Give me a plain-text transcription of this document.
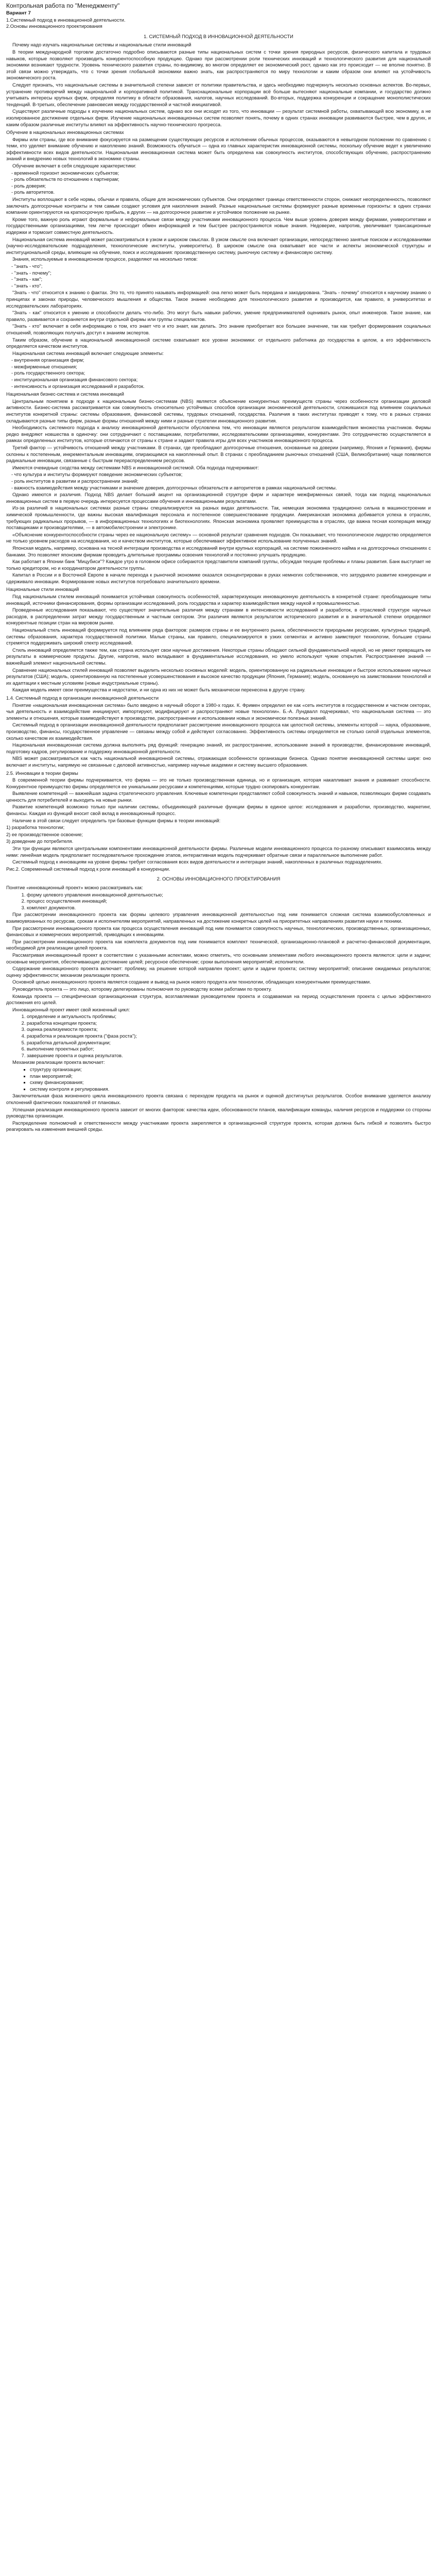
Контрольная работа по "Менеджменту"
Вариант 7
1.Системный подход в инновационной деятельности.
2.Основы инновационного проектирования
1. СИСТЕМНЫЙ ПОДХОД В ИННОВАЦИОННОЙ ДЕЯТЕЛЬНОСТИ

Почему надо изучать национальные системы и национальные стили инноваций

В теории международной торговли достаточно подробно описываются разные типы национальных систем с точки зрения природных ресурсов, физического капитала и трудовых навыков, которые позволяют производить конкурентоспособную продукцию. Однако при рассмотрении роли технических инноваций и технологического развития для национальной экономики возникают трудности. Уровень технического развития страны, по-видимому, во многом определяет ее экономический рост, однако как это происходит — не вполне понятно. В этой связи можно утверждать, что с точки зрения глобальной экономики важно знать, как распространяются по миру технологии и каким образом они влияют на устойчивость экономического роста.

Следует признать, что национальные системы в значительной степени зависят от политики правительства, и здесь необходимо подчеркнуть несколько основных аспектов. Во-первых, устранение противоречий между национальной и корпоративной политикой. Транснациональные корпорации всё больше вытесняют национальные компании, и государство должно учитывать интересы крупных фирм, определяя политику в области образования, налогов, научных исследований. Во-вторых, поддержка конкуренции и сокращение монополистических тенденций. В-третьих, обеспечение равновесия между государственной и частной инициативой.

Существуют различные подходы к изучению национальных систем, однако все они исходят из того, что инновации — результат системной работы, охватывающей всю экономику, а не изолированное достижение отдельных фирм. Изучение национальных инновационных систем позволяет понять, почему в одних странах инновации развиваются быстрее, чем в других, и каким образом различные институты влияют на эффективность научно-технического прогресса.

Обучение в национальных инновационных системах

Фирмы или страны, где все внимание фокусируется на размещении существующих ресурсов и исполнении обычных процессов, оказываются в невыгодном положении по сравнению с теми, кто уделяет внимание обучению и накоплению знаний. Возможность обучаться — одна из главных характеристик инновационной системы, поскольку обучение ведет к увеличению эффективности всех видов деятельности. Национальная инновационная система может быть определена как совокупность институтов, способствующих обучению, распространению знаний и внедрению новых технологий в экономике страны.

Обучение включает в себя следующие характеристики:

- временной горизонт экономических субъектов;
- роль обязательств по отношению к партнерам;
- роль доверия;
- роль авторитетов.

Институты воплощают в себе нормы, обычаи и правила, общие для экономических субъектов. Они определяют границы ответственности сторон, снижают неопределенность, позволяют заключать долгосрочные контракты и тем самым создают условия для накопления знаний. Разные национальные системы формируют разные временные горизонты: в одних странах компании ориентируются на краткосрочную прибыль, в других — на долгосрочное развитие и устойчивое положение на рынке.

Кроме того, важную роль играют формальные и неформальные связи между участниками инновационного процесса. Чем выше уровень доверия между фирмами, университетами и государственными организациями, тем легче происходит обмен информацией и тем быстрее распространяются новые знания. Недоверие, напротив, увеличивает трансакционные издержки и тормозит совместную деятельность.

Национальная система инноваций может рассматриваться в узком и широком смыслах. В узком смысле она включает организации, непосредственно занятые поиском и исследованиями (научно-исследовательские подразделения, технологические институты, университеты). В широком смысле она охватывает все части и аспекты экономической структуры и институциональной среды, влияющие на обучение, поиск и исследования: производственную систему, рыночную систему и финансовую систему.

Знания, используемые в инновационном процессе, разделяют на несколько типов:

- "знать - что";
- "знать - почему";
- "знать - как";
- "знать - кто".

"Знать - что" относится к знанию о фактах. Это то, что принято называть информацией: она легко может быть передана и закодирована. "Знать - почему" относится к научному знанию о принципах и законах природы, человеческого мышления и общества. Такое знание необходимо для технологического развития и производится, как правило, в университетах и исследовательских лабораториях.

"Знать - как" относится к умению и способности делать что-либо. Это могут быть навыки рабочих, умение предпринимателей оценивать рынок, опыт инженеров. Такое знание, как правило, развивается и сохраняется внутри отдельной фирмы или группы специалистов.

"Знать - кто" включает в себя информацию о том, кто знает что и кто знает, как делать. Это знание приобретает все большее значение, так как требует формирования социальных отношений, позволяющих получать доступ к знаниям экспертов.

Таким образом, обучение в национальной инновационной системе охватывает все уровни экономики: от отдельного работника до государства в целом, а его эффективность определяется качеством институтов.

Национальная система инноваций включает следующие элементы:

- внутренняя организация фирм;
- межфирменные отношения;
- роль государственного сектора;
- институциональная организация финансового сектора;
- интенсивность и организация исследований и разработок.
Национальная бизнес-система и система инноваций

Центральным понятием в подходе к национальным бизнес-системам (NBS) является объяснение конкурентных преимуществ страны через особенности организации деловой активности. Бизнес-система рассматривается как совокупность относительно устойчивых способов организации экономической деятельности, сложившихся под влиянием социальных институтов конкретной страны: системы образования, финансовой системы, трудовых отношений, государства. Различия в таких институтах приводят к тому, что в разных странах складываются разные типы фирм, разные формы отношений между ними и разные стратегии инновационного развития.

Необходимость системного подхода к анализу инновационной деятельности обусловлена тем, что инновации являются результатом взаимодействия множества участников. Фирмы редко внедряют новшества в одиночку: они сотрудничают с поставщиками, потребителями, исследовательскими организациями, конкурентами. Это сотрудничество осуществляется в рамках определенных институтов, которые отличаются от страны к стране и задают правила игры для всех участников инновационного процесса.

Третий фактор — устойчивость отношений между участниками. В странах, где преобладают долгосрочные отношения, основанные на доверии (например, Япония и Германия), фирмы склонны к постепенным, инкрементальным инновациям, опирающимся на накопленный опыт. В странах с преобладанием рыночных отношений (США, Великобритания) чаще появляются радикальные инновации, связанные с быстрым перераспределением ресурсов.

Имеются очевидные сходства между системами NBS и инновационной системой. Оба подхода подчеркивают:

- что культура и институты формируют поведение экономических субъектов;
- роль институтов в развитии и распространении знаний;
- важность взаимодействия между участниками и значение доверия, долгосрочных обязательств и авторитетов в рамках национальной системы.

Однако имеются и различия. Подход NBS делает больший акцент на организационной структуре фирм и характере межфирменных связей, тогда как подход национальных инновационных систем в первую очередь интересуется процессами обучения и инновационными результатами.

Из-за различий в национальных системах разные страны специализируются на разных видах деятельности. Так, немецкая экономика традиционно сильна в машиностроении и химической промышленности, где важны высокая квалификация персонала и постепенное совершенствование продукции. Американская экономика добивается успеха в отраслях, требующих радикальных прорывов, — в информационных технологиях и биотехнологиях. Японская экономика проявляет преимущества в отраслях, где важна тесная кооперация между поставщиками и производителями, — в автомобилестроении и электронике.

«Объяснение конкурентоспособности страны через ее национальную систему» — основной результат сравнения подходов. Он показывает, что технологическое лидерство определяется не только уровнем расходов на исследования, но и качеством институтов, которые обеспечивают эффективное использование полученных знаний.

Японская модель, например, основана на тесной интеграции производства и исследований внутри крупных корпораций, на системе пожизненного найма и на долгосрочных отношениях с банками. Это позволяет японским фирмам проводить длительные программы освоения технологий и постоянно улучшать продукцию.

Как работает в Японии банк "Мицубиси"? Каждое утро в головном офисе собираются представители компаний группы, обсуждая текущие проблемы и планы развития. Банк выступает не только кредитором, но и координатором деятельности группы.

Капитал в России и в Восточной Европе в начале перехода к рыночной экономике оказался сконцентрирован в руках немногих собственников, что затрудняло развитие конкуренции и сдерживало инновации. Формирование новых институтов потребовало значительного времени.

Национальные стили инноваций

Под национальным стилем инноваций понимается устойчивая совокупность особенностей, характеризующих инновационную деятельность в конкретной стране: преобладающие типы инноваций, источники финансирования, формы организации исследований, роль государства и характер взаимодействия между наукой и промышленностью.

Проведенные исследования показывают, что существуют значительные различия между странами в интенсивности исследований и разработок, в отраслевой структуре научных расходов, в распределении затрат между государственным и частным сектором. Эти различия являются результатом исторического развития и в значительной степени определяют конкурентные позиции стран на мировом рынке.

Национальный стиль инноваций формируется под влиянием ряда факторов: размеров страны и ее внутреннего рынка, обеспеченности природными ресурсами, культурных традиций, системы образования, характера государственной политики. Малые страны, как правило, специализируются в узких сегментах и активно заимствуют технологии, большие страны стремятся поддерживать широкий спектр исследований.

Стиль инноваций определяется также тем, как страна использует свои научные достижения. Некоторые страны обладают сильной фундаментальной наукой, но не умеют превращать ее результаты в коммерческие продукты. Другие, напротив, мало вкладывают в фундаментальные исследования, но умело используют чужие открытия. Распространение знаний — важнейший элемент национальной системы.

Сравнение национальных стилей инноваций позволяет выделить несколько основных моделей: модель, ориентированную на радикальные инновации и быстрое использование научных результатов (США); модель, ориентированную на постепенные усовершенствования и высокое качество продукции (Япония, Германия); модель, основанную на заимствовании технологий и их адаптации к местным условиям (новые индустриальные страны).

Каждая модель имеет свои преимущества и недостатки, и ни одна из них не может быть механически перенесена в другую страну.

1.4. Системный подход в организации инновационной деятельности

Понятие «национальная инновационная система» было введено в научный оборот в 1980-х годах. К. Фримен определил ее как «сеть институтов в государственном и частном секторах, чья деятельность и взаимодействие инициируют, импортируют, модифицируют и распространяют новые технологии». Б.-А. Лундвалл подчеркивал, что национальная система — это элементы и отношения, которые взаимодействуют в производстве, распространении и использовании новых и экономически полезных знаний.

Системный подход в организации инновационной деятельности предполагает рассмотрение инновационного процесса как целостной системы, элементы которой — наука, образование, производство, финансы, государственное управление — связаны между собой и действуют согласованно. Эффективность системы определяется не столько силой отдельных элементов, сколько качеством их взаимодействия.

Национальная инновационная система должна выполнять ряд функций: генерацию знаний, их распространение, использование знаний в производстве, финансирование инноваций, подготовку кадров, регулирование и поддержку инновационной деятельности.

NBS может рассматриваться как часть национальной инновационной системы, отражающая особенности организации бизнеса. Однако понятие инновационной системы шире: оно включает и институты, напрямую не связанные с деловой активностью, например научные академии и систему высшего образования.

2.5. Инновации в теории фирмы

В современной теории фирмы подчеркивается, что фирма — это не только производственная единица, но и организация, которая накапливает знания и развивает способности. Конкурентное преимущество фирмы определяется ее уникальными ресурсами и компетенциями, которые трудно скопировать конкурентам.

Выявление компетенций — важнейшая задача стратегического управления. Ключевые компетенции представляют собой совокупность знаний и навыков, позволяющих фирме создавать ценность для потребителей и выходить на новые рынки.

Развитие компетенций возможно только при наличии системы, объединяющей различные функции фирмы в единое целое: исследования и разработки, производство, маркетинг, финансы. Каждая из функций вносит свой вклад в инновационный процесс.

Наличие в этой связи следует определить три базовые функции фирмы в теории инноваций:

1) разработка технологии;

2) ее производственное освоение;

3) доведение до потребителя.

Эти три функции являются центральными компонентами инновационной деятельности фирмы. Различные модели инновационного процесса по-разному описывают взаимосвязь между ними: линейная модель предполагает последовательное прохождение этапов, интерактивная модель подчеркивает обратные связи и параллельное выполнение работ.

Системный подход к инновациям на уровне фирмы требует согласования всех видов деятельности и интеграции знаний, накопленных в различных подразделениях.

Рис.2. Современный системный подход к роли инноваций в конкуренции.

2. ОСНОВЫ ИННОВАЦИОННОГО ПРОЕКТИРОВАНИЯ

Понятие «инновационный проект» можно рассматривать как:

1. форму целевого управления инновационной деятельностью;
2. процесс осуществления инноваций;
3. комплект документов.

При рассмотрении инновационного проекта как формы целевого управления инновационной деятельностью под ним понимается сложная система взаимообусловленных и взаимоувязанных по ресурсам, срокам и исполнителям мероприятий, направленных на достижение конкретных целей на приоритетных направлениях развития науки и техники.

При рассмотрении инновационного проекта как процесса осуществления инноваций под ним понимается совокупность научных, технологических, производственных, организационных, финансовых и коммерческих мероприятий, приводящих к инновациям.

При рассмотрении инновационного проекта как комплекта документов под ним понимается комплект технической, организационно-плановой и расчетно-финансовой документации, необходимой для реализации целей проекта.

Рассматривая инновационный проект в соответствии с указанными аспектами, можно отметить, что основными элементами любого инновационного проекта являются: цели и задачи; основные мероприятия, обеспечивающие достижение целей; ресурсное обеспечение; сроки выполнения мероприятий; исполнители.

Содержание инновационного проекта включает: проблему, на решение которой направлен проект; цели и задачи проекта; систему мероприятий; описание ожидаемых результатов; оценку эффективности; механизм реализации проекта.

Основной целью инновационного проекта является создание и вывод на рынок нового продукта или технологии, обладающих конкурентными преимуществами.

Руководитель проекта — это лицо, которому делегированы полномочия по руководству всеми работами по проекту.

Команда проекта — специфическая организационная структура, возглавляемая руководителем проекта и создаваемая на период осуществления проекта с целью эффективного достижения его целей.

Инновационный проект имеет свой жизненный цикл:

1. определение и актуальность проблемы;
2. разработка концепции проекта;
3. оценка реализуемости проекта;
4. разработка и реализация проекта ("фаза роста");
5. разработка детальной документации;
6. выполнение проектных работ;
7. завершение проекта и оценка результатов.

Механизм реализации проекта включает:

▪ структуру организации;
▪ план мероприятий;
▪ схему финансирования;
▪ систему контроля и регулирования.

Заключительная фаза жизненного цикла инновационного проекта связана с переходом продукта на рынок и оценкой достигнутых результатов. Особое внимание уделяется анализу отклонений фактических показателей от плановых.

Успешная реализация инновационного проекта зависит от многих факторов: качества идеи, обоснованности планов, квалификации команды, наличия ресурсов и поддержки со стороны руководства организации.

Распределение полномочий и ответственности между участниками проекта закрепляется в организационной структуре проекта, которая должна быть гибкой и позволять быстро реагировать на изменения внешней среды.
